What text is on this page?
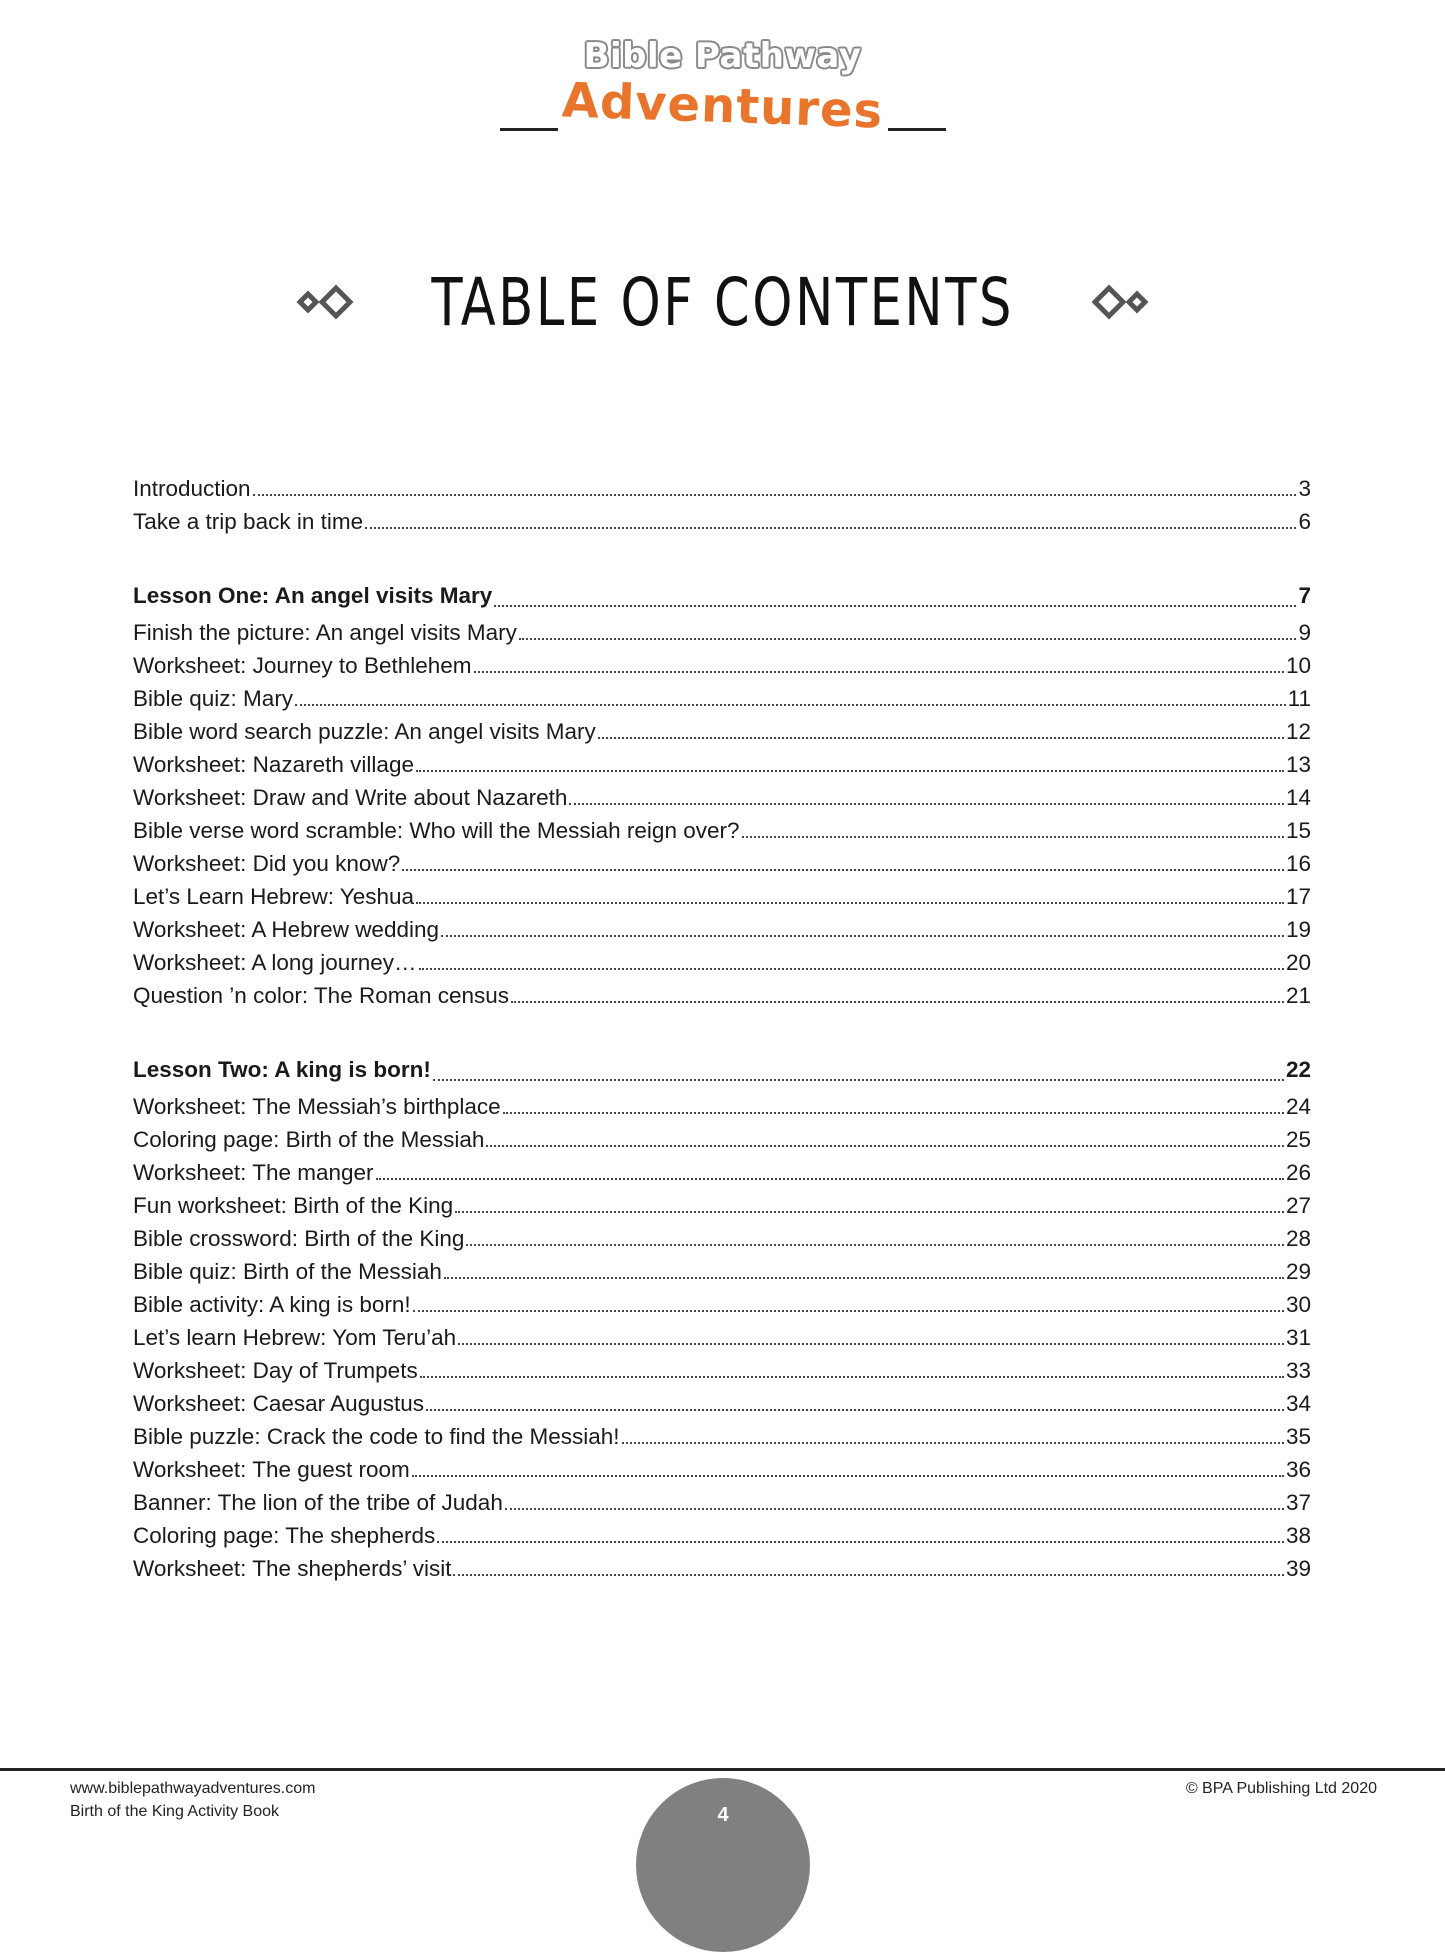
Bible Pathway
Adventures
TABLE OF CONTENTS
Introduction	3
Take a trip back in time	6
Lesson One: An angel visits Mary	7
Finish the picture: An angel visits Mary	9
Worksheet: Journey to Bethlehem	10
Bible quiz: Mary	11
Bible word search puzzle: An angel visits Mary	12
Worksheet: Nazareth village	13
Worksheet: Draw and Write about Nazareth	14
Bible verse word scramble: Who will the Messiah reign over?	15
Worksheet: Did you know?	16
Let’s Learn Hebrew: Yeshua	17
Worksheet: A Hebrew wedding	19
Worksheet: A long journey…	20
Question ’n color: The Roman census	21
Lesson Two: A king is born!	22
Worksheet: The Messiah’s birthplace	24
Coloring page: Birth of the Messiah	25
Worksheet: The manger	26
Fun worksheet: Birth of the King	27
Bible crossword: Birth of the King	28
Bible quiz: Birth of the Messiah	29
Bible activity: A king is born!	30
Let’s learn Hebrew: Yom Teru’ah	31
Worksheet: Day of Trumpets	33
Worksheet: Caesar Augustus	34
Bible puzzle: Crack the code to find the Messiah!	35
Worksheet: The guest room	36
Banner: The lion of the tribe of Judah	37
Coloring page: The shepherds	38
Worksheet: The shepherds’ visit	39
www.biblepathwayadventures.com
Birth of the King Activity Book
© BPA Publishing Ltd 2020
4
